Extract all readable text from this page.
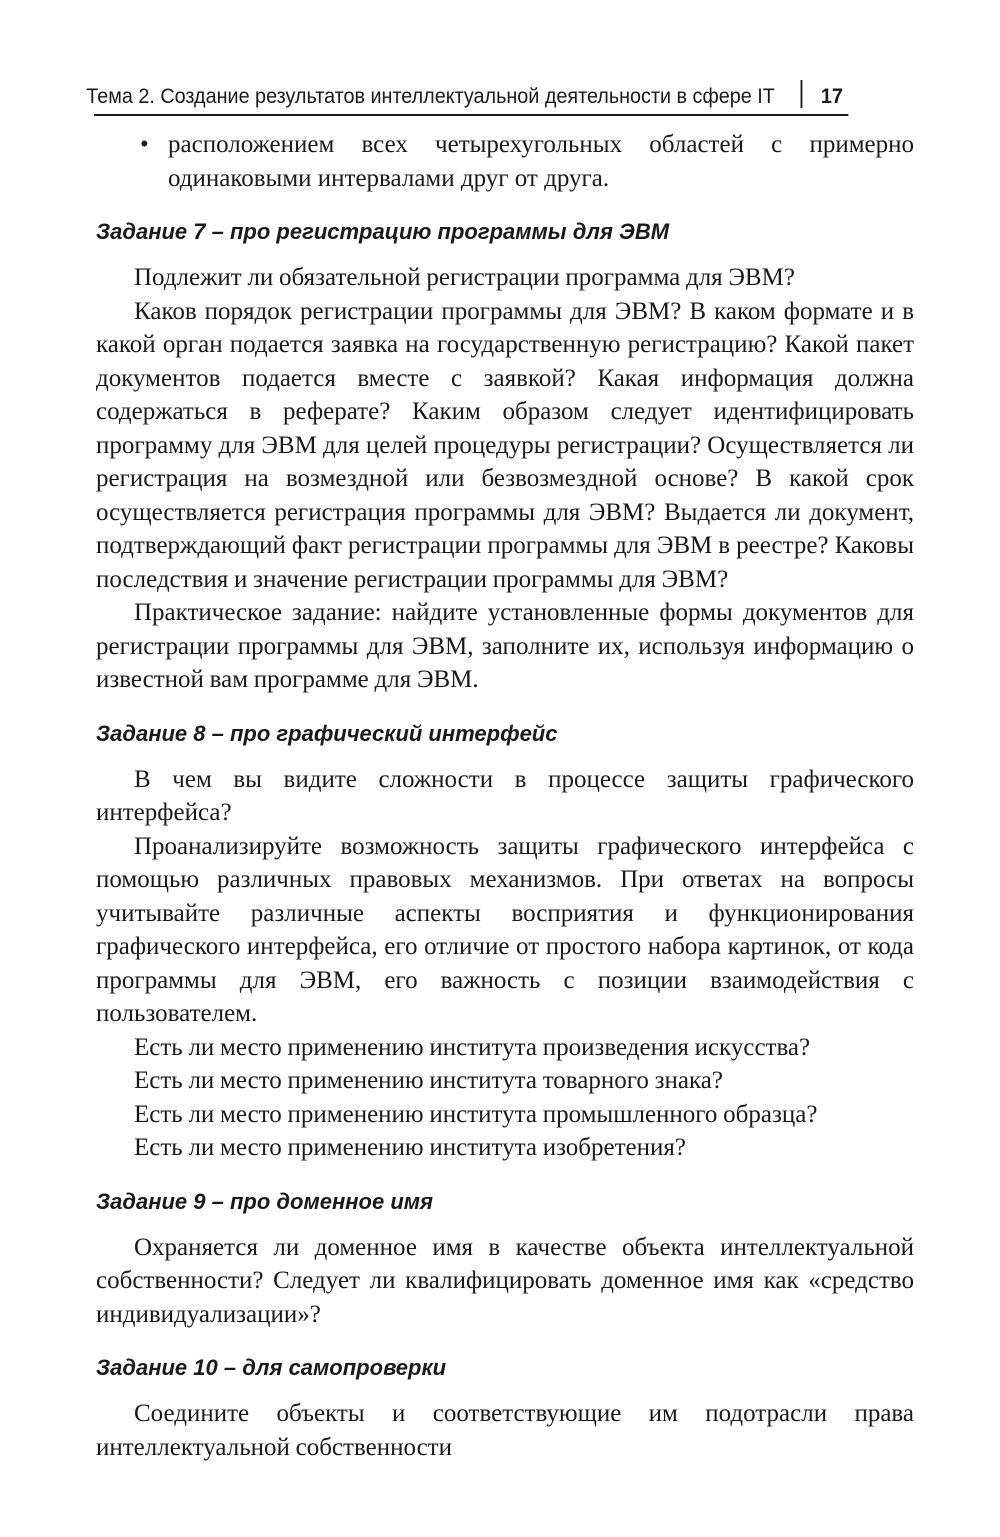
Тема 2. Создание результатов интеллектуальной деятельности в сфере IT 17

• расположением всех четырехугольных областей с примерно одинаковыми интервалами друг от друга.

Задание 7 – про регистрацию программы для ЭВМ

Подлежит ли обязательной регистрации программа для ЭВМ?

Каков порядок регистрации программы для ЭВМ? В каком формате и в какой орган подается заявка на государственную регистрацию? Какой пакет документов подается вместе с заявкой? Какая информация должна содержаться в реферате? Каким образом следует идентифицировать программу для ЭВМ для целей процедуры регистрации? Осуществляется ли регистрация на возмездной или безвозмездной основе? В какой срок осуществляется регистрация программы для ЭВМ? Выдается ли документ, подтверждающий факт регистрации программы для ЭВМ в реестре? Каковы последствия и значение регистрации программы для ЭВМ?

Практическое задание: найдите установленные формы документов для регистрации программы для ЭВМ, заполните их, используя информацию о известной вам программе для ЭВМ.

Задание 8 – про графический интерфейс

В чем вы видите сложности в процессе защиты графического интерфейса?

Проанализируйте возможность защиты графического интерфейса с помощью различных правовых механизмов. При ответах на вопросы учитывайте различные аспекты восприятия и функционирования графического интерфейса, его отличие от простого набора картинок, от кода программы для ЭВМ, его важность с позиции взаимодействия с пользователем.

Есть ли место применению института произведения искусства?

Есть ли место применению института товарного знака?

Есть ли место применению института промышленного образца?

Есть ли место применению института изобретения?

Задание 9 – про доменное имя

Охраняется ли доменное имя в качестве объекта интеллектуальной собственности? Следует ли квалифицировать доменное имя как «средство индивидуализации»?

Задание 10 – для самопроверки

Соедините объекты и соответствующие им подотрасли права интеллектуальной собственности
